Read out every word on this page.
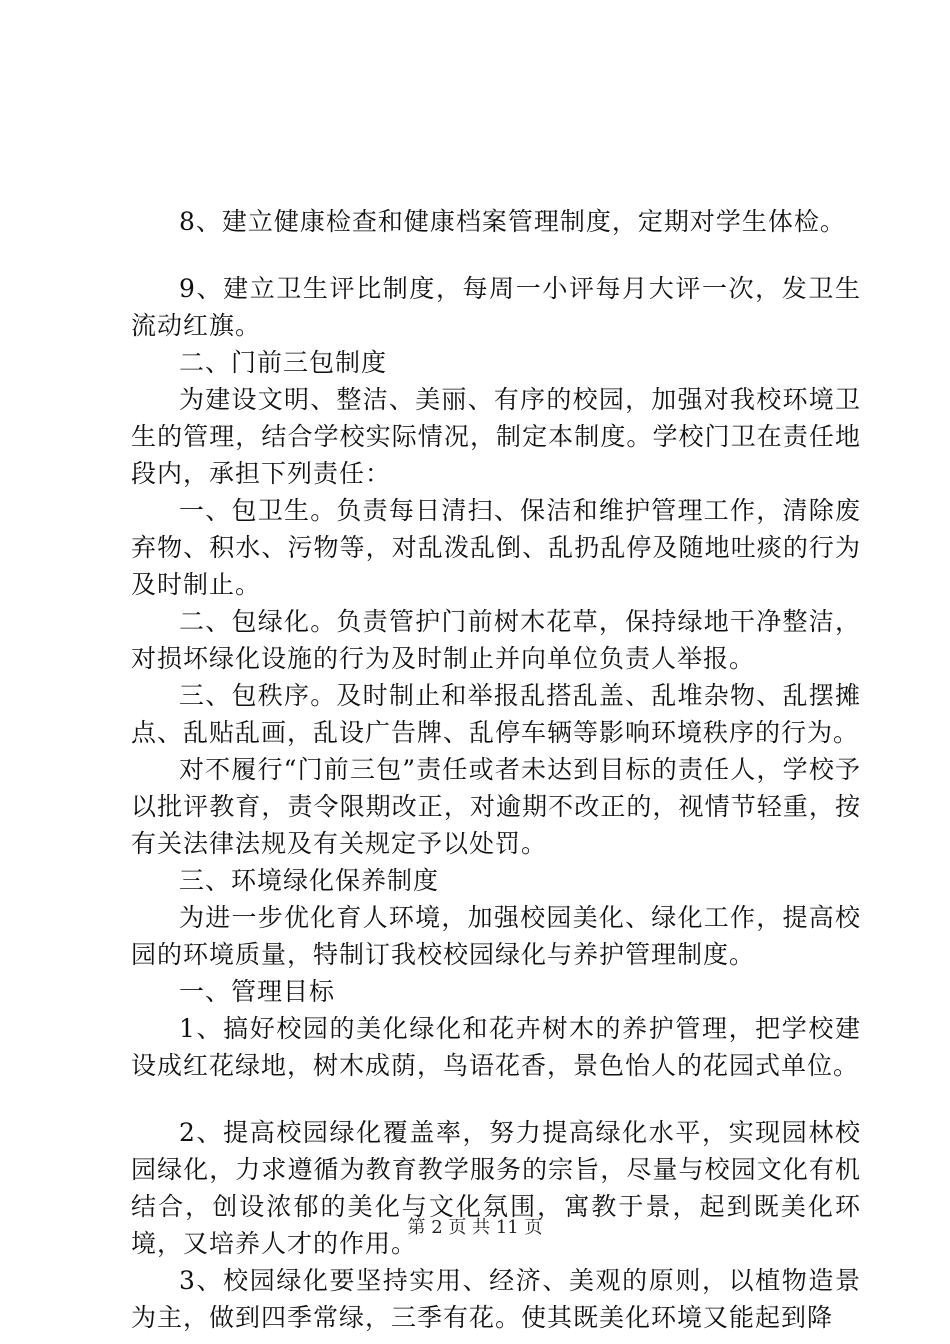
8、建立健康检查和健康档案管理制度，定期对学生体检。

9、建立卫生评比制度，每周一小评每月大评一次，发卫生流动红旗。

二、门前三包制度

为建设文明、整洁、美丽、有序的校园，加强对我校环境卫生的管理，结合学校实际情况，制定本制度。学校门卫在责任地段内，承担下列责任：

一、包卫生。负责每日清扫、保洁和维护管理工作，清除废弃物、积水、污物等，对乱泼乱倒、乱扔乱停及随地吐痰的行为及时制止。

二、包绿化。负责管护门前树木花草，保持绿地干净整洁，对损坏绿化设施的行为及时制止并向单位负责人举报。

三、包秩序。及时制止和举报乱搭乱盖、乱堆杂物、乱摆摊点、乱贴乱画，乱设广告牌、乱停车辆等影响环境秩序的行为。

对不履行“门前三包”责任或者未达到目标的责任人，学校予以批评教育，责令限期改正，对逾期不改正的，视情节轻重，按有关法律法规及有关规定予以处罚。

三、环境绿化保养制度

为进一步优化育人环境，加强校园美化、绿化工作，提高校园的环境质量，特制订我校校园绿化与养护管理制度。

一、管理目标

1、搞好校园的美化绿化和花卉树木的养护管理，把学校建设成红花绿地，树木成荫，鸟语花香，景色怡人的花园式单位。

2、提高校园绿化覆盖率，努力提高绿化水平，实现园林校园绿化，力求遵循为教育教学服务的宗旨，尽量与校园文化有机结合，创设浓郁的美化与文化氛围，寓教于景，起到既美化环境，又培养人才的作用。

3、校园绿化要坚持实用、经济、美观的原则，以植物造景为主，做到四季常绿，三季有花。使其既美化环境又能起到降

第 2 页 共 11 页
